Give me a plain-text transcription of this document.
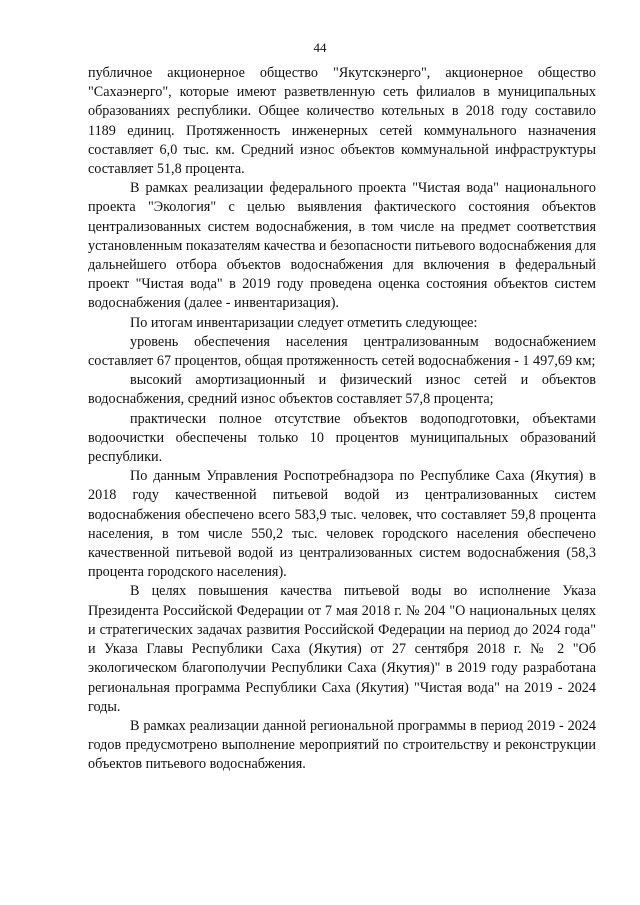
44

публичное акционерное общество "Якутскэнерго", акционерное общество "Сахаэнерго", которые имеют разветвленную сеть филиалов в муниципальных образованиях республики. Общее количество котельных в 2018 году составило 1189 единиц. Протяженность инженерных сетей коммунального назначения составляет 6,0 тыс. км. Средний износ объектов коммунальной инфраструктуры составляет 51,8 процента.

В рамках реализации федерального проекта "Чистая вода" национального проекта "Экология" с целью выявления фактического состояния объектов централизованных систем водоснабжения, в том числе на предмет соответствия установленным показателям качества и безопасности питьевого водоснабжения для дальнейшего отбора объектов водоснабжения для включения в федеральный проект "Чистая вода" в 2019 году проведена оценка состояния объектов систем водоснабжения (далее - инвентаризация).

По итогам инвентаризации следует отметить следующее:

уровень обеспечения населения централизованным водоснабжением составляет 67 процентов, общая протяженность сетей водоснабжения - 1 497,69 км;

высокий амортизационный и физический износ сетей и объектов водоснабжения, средний износ объектов составляет 57,8 процента;

практически полное отсутствие объектов водоподготовки, объектами водоочистки обеспечены только 10 процентов муниципальных образований республики.

По данным Управления Роспотребнадзора по Республике Саха (Якутия) в 2018 году качественной питьевой водой из централизованных систем водоснабжения обеспечено всего 583,9 тыс. человек, что составляет 59,8 процента населения, в том числе 550,2 тыс. человек городского населения обеспечено качественной питьевой водой из централизованных систем водоснабжения (58,3 процента городского населения).

В целях повышения качества питьевой воды во исполнение Указа Президента Российской Федерации от 7 мая 2018 г. № 204 "О национальных целях и стратегических задачах развития Российской Федерации на период до 2024 года" и Указа Главы Республики Саха (Якутия) от 27 сентября 2018 г. № 2 "Об экологическом благополучии Республики Саха (Якутия)" в 2019 году разработана региональная программа Республики Саха (Якутия) "Чистая вода" на 2019 - 2024 годы.

В рамках реализации данной региональной программы в период 2019 - 2024 годов предусмотрено выполнение мероприятий по строительству и реконструкции объектов питьевого водоснабжения.
